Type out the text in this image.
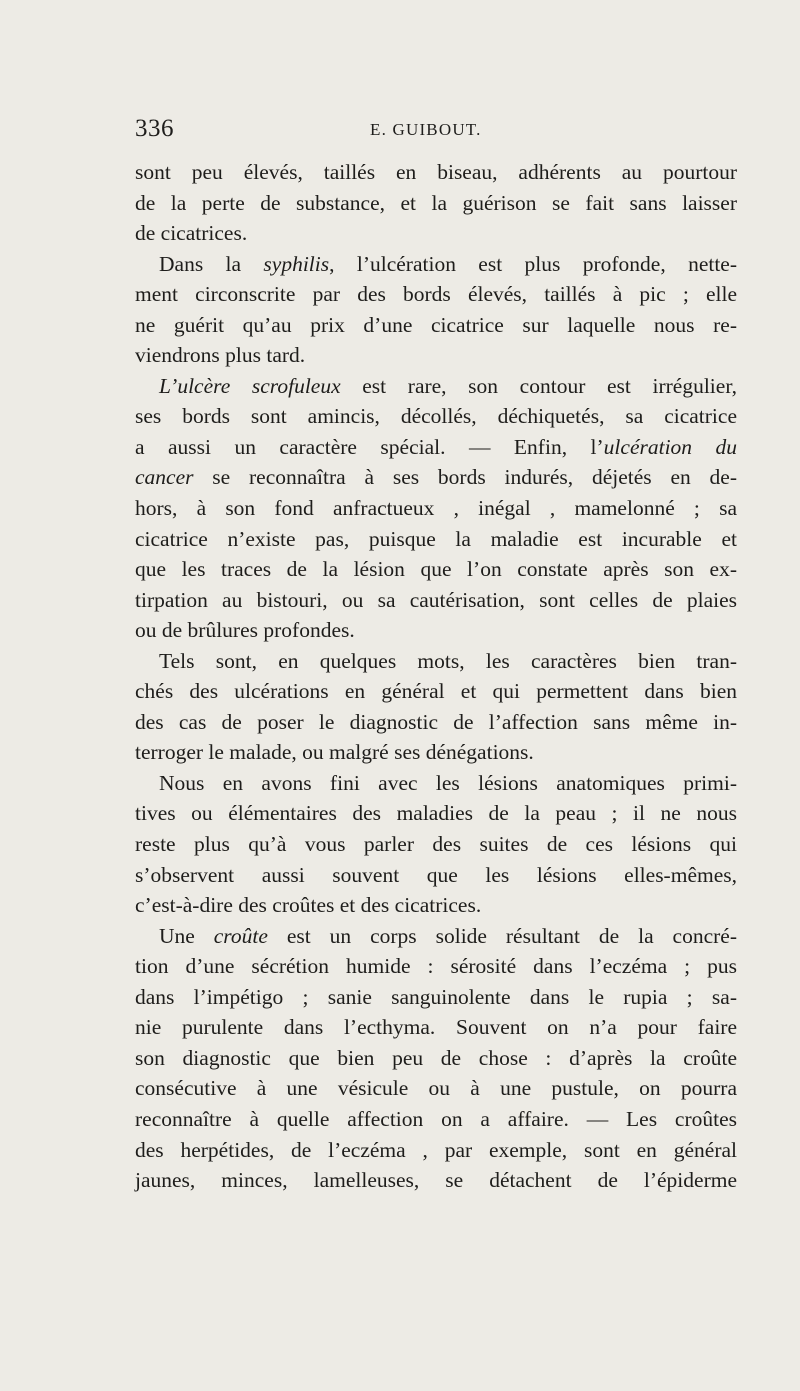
336	E. GUIBOUT.
sont peu élevés, taillés en biseau, adhérents au pourtour
de la perte de substance, et la guérison se fait sans laisser
de cicatrices.
Dans la syphilis, l’ulcération est plus profonde, nette-
ment circonscrite par des bords élevés, taillés à pic ; elle
ne guérit qu’au prix d’une cicatrice sur laquelle nous re-
viendrons plus tard.
L’ulcère scrofuleux est rare, son contour est irrégulier,
ses bords sont amincis, décollés, déchiquetés, sa cicatrice
a aussi un caractère spécial. — Enfin, l’ulcération du
cancer se reconnaîtra à ses bords indurés, déjetés en de-
hors, à son fond anfractueux , inégal , mamelonné ; sa
cicatrice n’existe pas, puisque la maladie est incurable et
que les traces de la lésion que l’on constate après son ex-
tirpation au bistouri, ou sa cautérisation, sont celles de plaies
ou de brûlures profondes.
Tels sont, en quelques mots, les caractères bien tran-
chés des ulcérations en général et qui permettent dans bien
des cas de poser le diagnostic de l’affection sans même in-
terroger le malade, ou malgré ses dénégations.
Nous en avons fini avec les lésions anatomiques primi-
tives ou élémentaires des maladies de la peau ; il ne nous
reste plus qu’à vous parler des suites de ces lésions qui
s’observent aussi souvent que les lésions elles-mêmes,
c’est-à-dire des croûtes et des cicatrices.
Une croûte est un corps solide résultant de la concré-
tion d’une sécrétion humide : sérosité dans l’eczéma ; pus
dans l’impétigo ; sanie sanguinolente dans le rupia ; sa-
nie purulente dans l’ecthyma. Souvent on n’a pour faire
son diagnostic que bien peu de chose : d’après la croûte
consécutive à une vésicule ou à une pustule, on pourra
reconnaître à quelle affection on a affaire. — Les croûtes
des herpétides, de l’eczéma , par exemple, sont en général
jaunes, minces, lamelleuses, se détachent de l’épiderme
